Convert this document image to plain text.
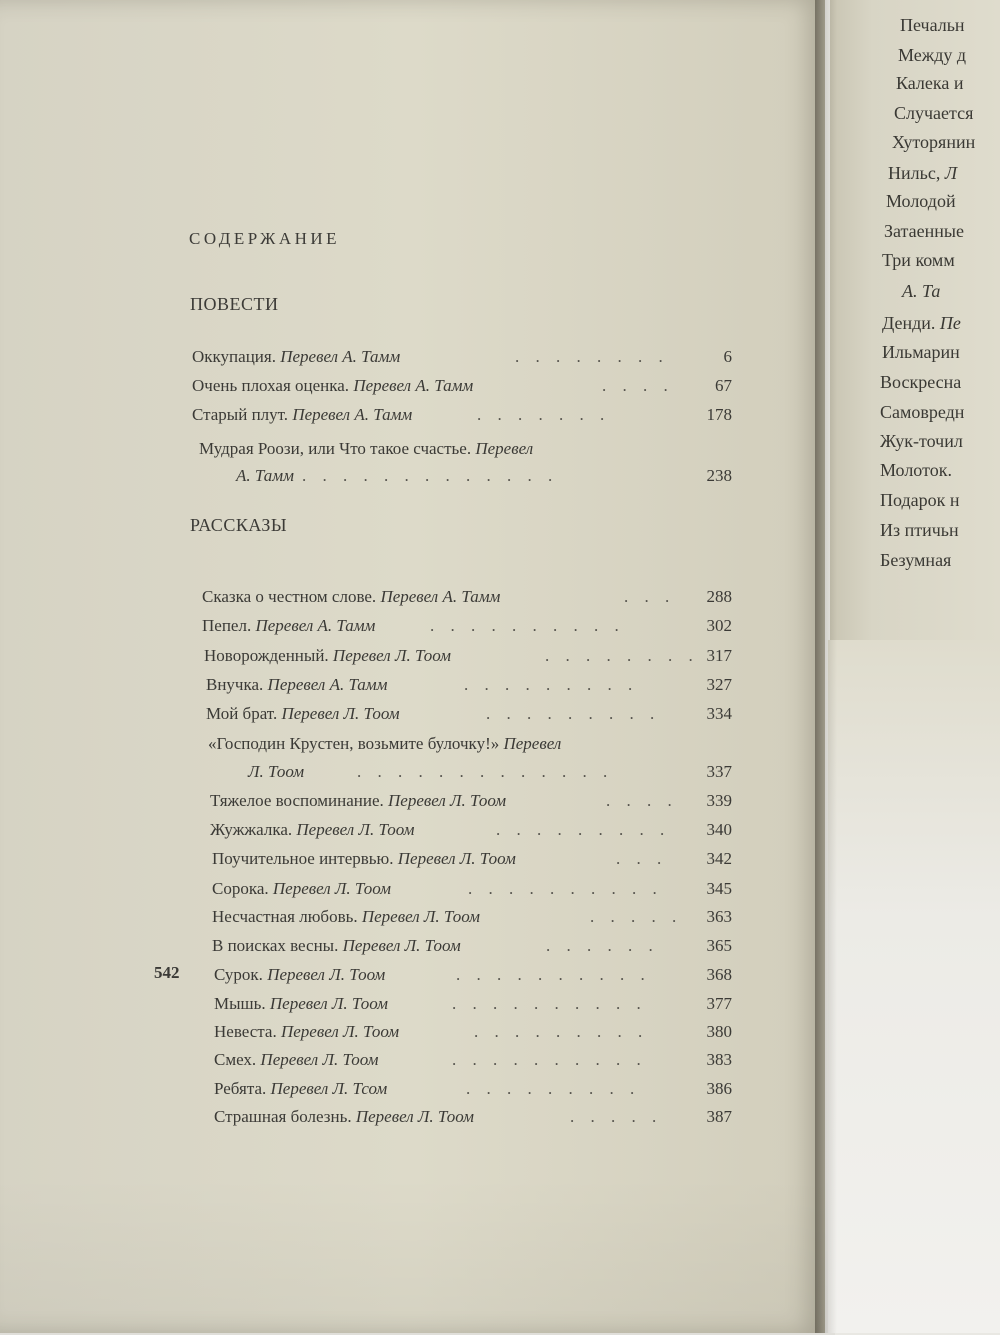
Печальн
Между д
Калека и
Случается
Хуторянин
Нильс, Л
Молодой
Затаенные
Три комм
А. Та
Денди. Пе
Ильмарин
Воскресна
Самовредн
Жук-точил
Молоток.
Подарок н
Из птичьн
Безумная
СОДЕРЖАНИЕ
ПОВЕСТИ
РАССКАЗЫ
Оккупация. Перевел А. Тамм	. . . . . . . .	6
Очень плохая оценка. Перевел А. Тамм	. . . . 67
Старый плут. Перевел А. Тамм	. . . . . . .	178
Мудрая Роози, или Что такое счастье. Перевел
А. Тамм . . . . . . . . . . . . .	238
Сказка о честном слове. Перевел А. Тамм	. . . 288
Пепел. Перевел А. Тамм	. . . . . . . . . .	302
Новорожденный. Перевел Л. Тоом	. . . . . . . . 317
Внучка. Перевел А. Тамм	. . . . . . . . .	327
Мой брат. Перевел Л. Тоом	. . . . . . . . .	334
«Господин Крустен, возьмите булочку!» Перевел
Л. Тоом	. . . . . . . . . . . . .	337
Тяжелое воспоминание. Перевел Л. Тоом	. . . . 339
Жужжалка. Перевел Л. Тоом	. . . . . . . . . 340
Поучительное интервью. Перевел Л. Тоом	. . . 342
Сорока. Перевел Л. Тоом	. . . . . . . . . .	345
Несчастная любовь. Перевел Л. Тоом	. . . . . 363
В поисках весны. Перевел Л. Тоом	. . . . . .	365
Сурок. Перевел Л. Тоом	. . . . . . . . . .	368
Мышь. Перевел Л. Тоом	. . . . . . . . . .	377
Невеста. Перевел Л. Тоом	. . . . . . . . .	380
Смех. Перевел Л. Тоом	. . . . . . . . . .	383
Ребята. Перевел Л. Тсом	. . . . . . . . .	386
Страшная болезнь. Перевел Л. Тоом	. . . . .	387
542
